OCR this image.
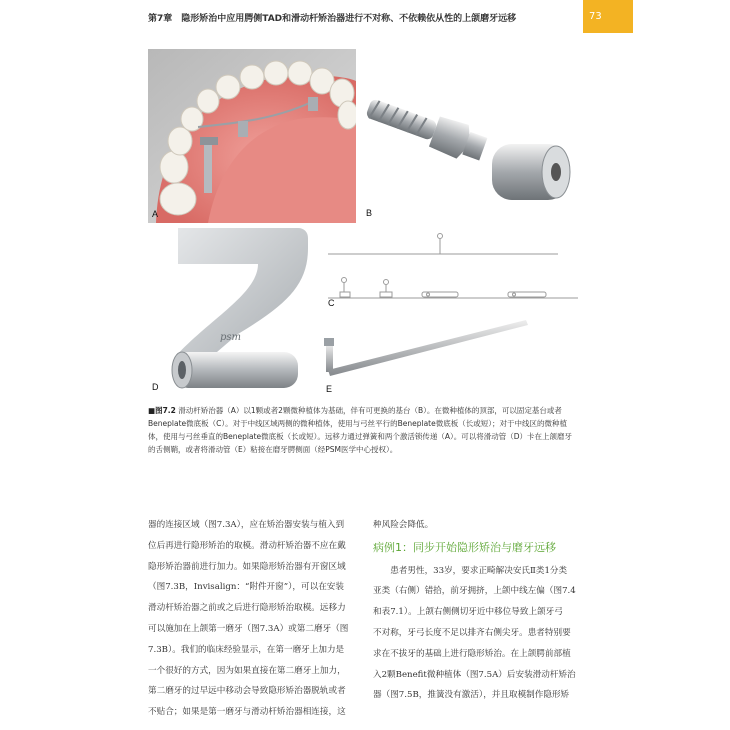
第7章　隐形矫治中应用腭侧TAD和滑动杆矫治器进行不对称、不依赖依从性的上颌磨牙远移	73
A	B
C
psm
D	E
■图7.2 滑动杆矫治器（A）以1颗或者2颗微种植体为基础，伴有可更换的基台（B）。在微种植体的顶部，可以固定基台或者Beneplate微底板（C）。对于中线区域两侧的微种植体，使用与弓丝平行的Beneplate微底板（长或短）；对于中线区的微种植体，使用与弓丝垂直的Beneplate微底板（长或短）。远移力通过弹簧和两个激活锁传递（A）。可以将滑动管（D）卡在上颌磨牙的舌侧鞘，或者将滑动管（E）粘接在磨牙腭侧面（经PSM医学中心授权）。
器的连接区域（图7.3A），应在矫治器安装与植入到
位后再进行隐形矫治的取模。滑动杆矫治器不应在戴
隐形矫治器前进行加力。如果隐形矫治器有开窗区域
（图7.3B，Invisalign：“附件开窗”），可以在安装
滑动杆矫治器之前或之后进行隐形矫治取模。远移力
可以施加在上颌第一磨牙（图7.3A）或第二磨牙（图
7.3B）。我们的临床经验显示，在第一磨牙上加力是
一个很好的方式，因为如果直接在第二磨牙上加力，
第二磨牙的过早远中移动会导致隐形矫治器脱轨或者
不贴合；如果是第一磨牙与滑动杆矫治器相连接，这
种风险会降低。
病例1：同步开始隐形矫治与磨牙远移
患者男性，33岁，要求正畸解决安氏Ⅱ类1分类
亚类（右侧）错拾，前牙拥挤，上颌中线左偏（图7.4
和表7.1）。上颌右侧侧切牙近中移位导致上颌牙弓
不对称，牙弓长度不足以排齐右侧尖牙。患者特别要
求在不拔牙的基础上进行隐形矫治。在上颌腭前部植
入2颗Benefit微种植体（图7.5A）后安装滑动杆矫治
器（图7.5B，推簧没有激活），并且取模制作隐形矫
